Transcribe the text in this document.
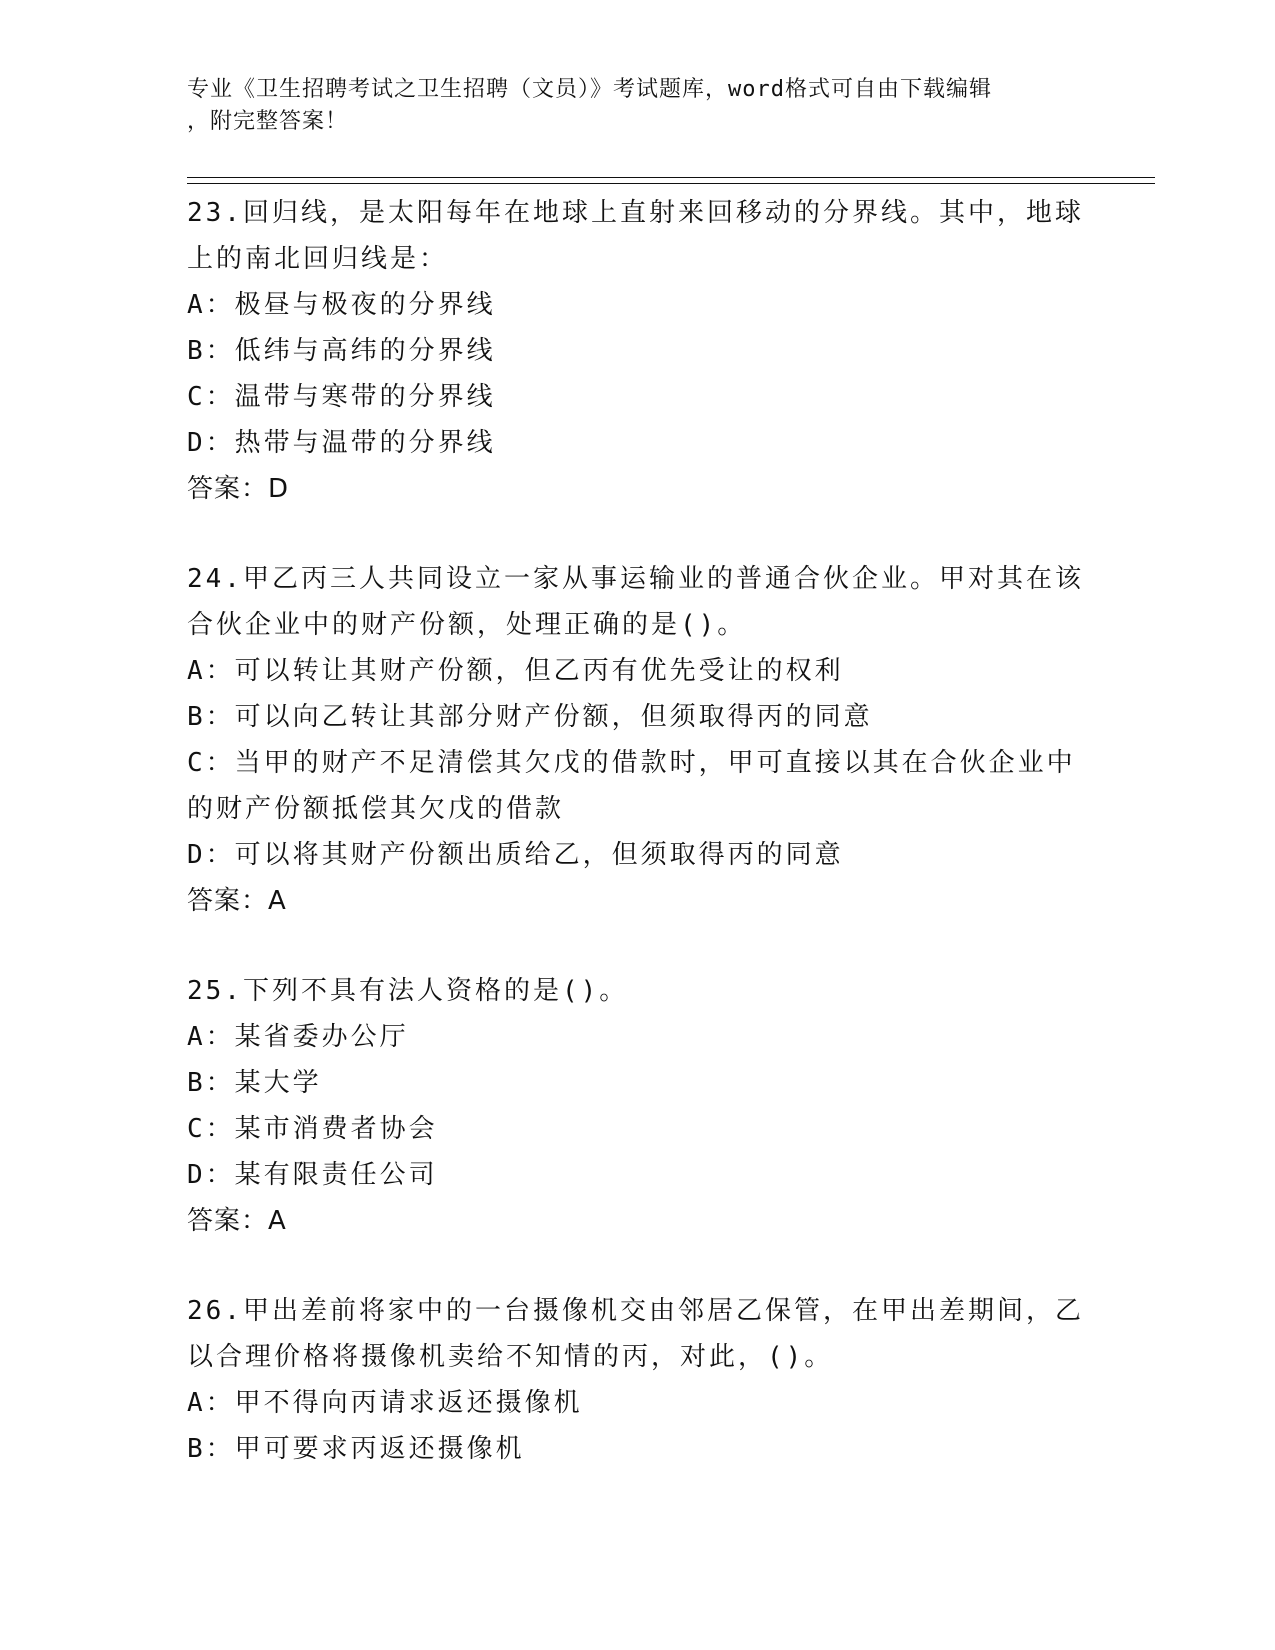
专业《卫生招聘考试之卫生招聘（文员）》考试题库，word格式可自由下载编辑
，附完整答案！
23.回归线，是太阳每年在地球上直射来回移动的分界线。其中，地球
上的南北回归线是：
A：极昼与极夜的分界线
B：低纬与高纬的分界线
C：温带与寒带的分界线
D：热带与温带的分界线
答案：D
24.甲乙丙三人共同设立一家从事运输业的普通合伙企业。甲对其在该
合伙企业中的财产份额，处理正确的是()。
A：可以转让其财产份额，但乙丙有优先受让的权利
B：可以向乙转让其部分财产份额，但须取得丙的同意
C：当甲的财产不足清偿其欠戊的借款时，甲可直接以其在合伙企业中
的财产份额抵偿其欠戊的借款
D：可以将其财产份额出质给乙，但须取得丙的同意
答案：A
25.下列不具有法人资格的是()。
A：某省委办公厅
B：某大学
C：某市消费者协会
D：某有限责任公司
答案：A
26.甲出差前将家中的一台摄像机交由邻居乙保管，在甲出差期间，乙
以合理价格将摄像机卖给不知情的丙，对此，()。
A：甲不得向丙请求返还摄像机
B：甲可要求丙返还摄像机
